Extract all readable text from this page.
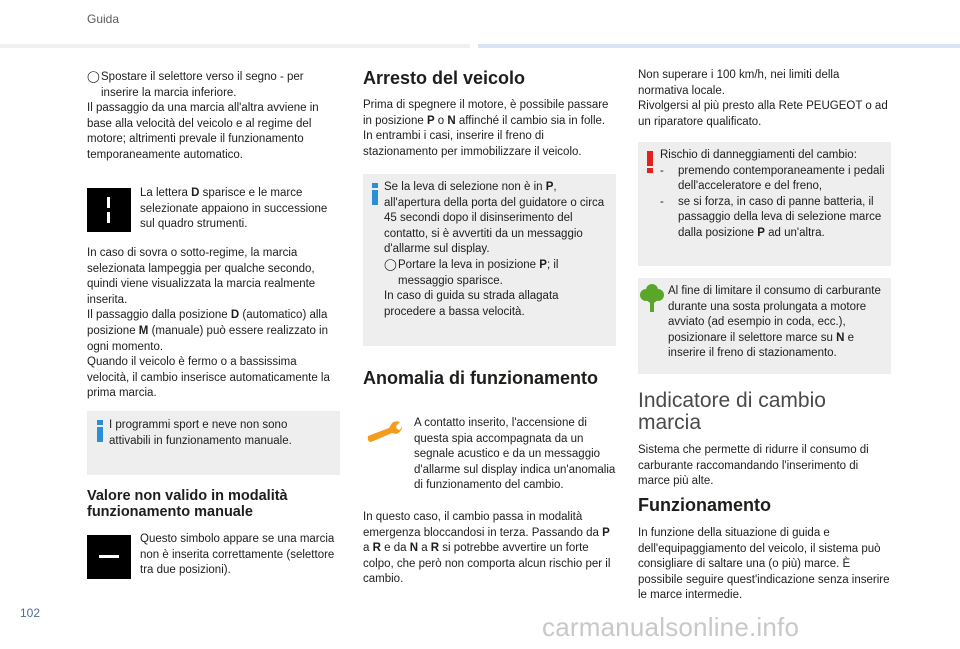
Guida
◯ Spostare il selettore verso il segno - per inserire la marcia inferiore.

Il passaggio da una marcia all'altra avviene in base alla velocità del veicolo e al regime del motore; altrimenti prevale il funzionamento temporaneamente automatico.

La lettera D sparisce e le marce selezionate appaiono in successione sul quadro strumenti.

In caso di sovra o sotto-regime, la marcia selezionata lampeggia per qualche secondo, quindi viene visualizzata la marcia realmente inserita.

Il passaggio dalla posizione D (automatico) alla posizione M (manuale) può essere realizzato in ogni momento.

Quando il veicolo è fermo o a bassissima velocità, il cambio inserisce automaticamente la prima marcia.

I programmi sport e neve non sono attivabili in funzionamento manuale.
Valore non valido in modalità funzionamento manuale
Questo simbolo appare se una marcia non è inserita correttamente (selettore tra due posizioni).
Arresto del veicolo

Prima di spegnere il motore, è possibile passare in posizione P o N affinché il cambio sia in folle.

In entrambi i casi, inserire il freno di stazionamento per immobilizzare il veicolo.

Se la leva di selezione non è in P, all'apertura della porta del guidatore o circa 45 secondi dopo il disinserimento del contatto, si è avvertiti da un messaggio d'allarme sul display.

◯ Portare la leva in posizione P; il messaggio sparisce.

In caso di guida su strada allagata procedere a bassa velocità.

Anomalia di funzionamento
A contatto inserito, l'accensione di questa spia accompagnata da un segnale acustico e da un messaggio d'allarme sul display indica un'anomalia di funzionamento del cambio.

In questo caso, il cambio passa in modalità emergenza bloccandosi in terza. Passando da P a R e da N a R si potrebbe avvertire un forte colpo, che però non comporta alcun rischio per il cambio.

Non superare i 100 km/h, nei limiti della normativa locale.

Rivolgersi al più presto alla Rete PEUGEOT o ad un riparatore qualificato.

Rischio di danneggiamenti del cambio:

-	premendo contemporaneamente i pedali dell'acceleratore e del freno,
-	se si forza, in caso di panne batteria, il passaggio della leva di selezione marce dalla posizione P ad un'altra.
Al fine di limitare il consumo di carburante durante una sosta prolungata a motore avviato (ad esempio in coda, ecc.), posizionare il selettore marce su N e inserire il freno di stazionamento.
Indicatore di cambio marcia

Sistema che permette di ridurre il consumo di carburante raccomandando l'inserimento di marce più alte.

Funzionamento

In funzione della situazione di guida e dell'equipaggiamento del veicolo, il sistema può consigliare di saltare una (o più) marce. È possibile seguire quest'indicazione senza inserire le marce intermedie.

102	carmanualsonline.info
